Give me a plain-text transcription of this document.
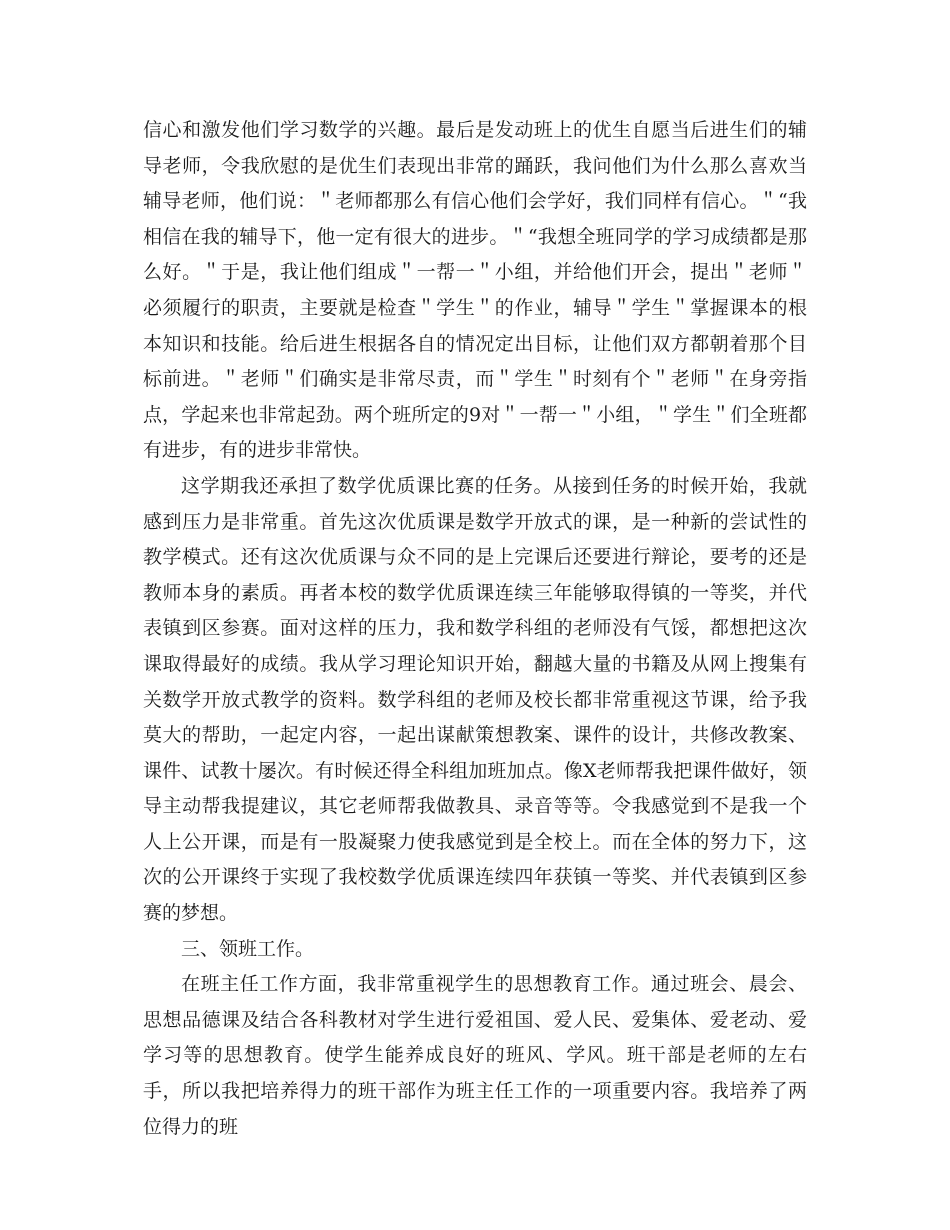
信心和激发他们学习数学的兴趣。最后是发动班上的优生自愿当后进生们的辅导老师，令我欣慰的是优生们表现出非常的踊跃，我问他们为什么那么喜欢当辅导老师，他们说：＂老师都那么有信心他们会学好，我们同样有信心。＂“我相信在我的辅导下，他一定有很大的进步。＂“我想全班同学的学习成绩都是那么好。＂于是，我让他们组成＂一帮一＂小组，并给他们开会，提出＂老师＂必须履行的职责，主要就是检查＂学生＂的作业，辅导＂学生＂掌握课本的根本知识和技能。给后进生根据各自的情况定出目标，让他们双方都朝着那个目标前进。＂老师＂们确实是非常尽责，而＂学生＂时刻有个＂老师＂在身旁指点，学起来也非常起劲。两个班所定的9对＂一帮一＂小组，＂学生＂们全班都有进步，有的进步非常快。

这学期我还承担了数学优质课比赛的任务。从接到任务的时候开始，我就感到压力是非常重。首先这次优质课是数学开放式的课，是一种新的尝试性的教学模式。还有这次优质课与众不同的是上完课后还要进行辩论，要考的还是教师本身的素质。再者本校的数学优质课连续三年能够取得镇的一等奖，并代表镇到区参赛。面对这样的压力，我和数学科组的老师没有气馁，都想把这次课取得最好的成绩。我从学习理论知识开始，翻越大量的书籍及从网上搜集有关数学开放式教学的资料。数学科组的老师及校长都非常重视这节课，给予我莫大的帮助，一起定内容，一起出谋献策想教案、课件的设计，共修改教案、课件、试教十屡次。有时候还得全科组加班加点。像X老师帮我把课件做好，领导主动帮我提建议，其它老师帮我做教具、录音等等。令我感觉到不是我一个人上公开课，而是有一股凝聚力使我感觉到是全校上。而在全体的努力下，这次的公开课终于实现了我校数学优质课连续四年获镇一等奖、并代表镇到区参赛的梦想。

三、领班工作。

在班主任工作方面，我非常重视学生的思想教育工作。通过班会、晨会、思想品德课及结合各科教材对学生进行爱祖国、爱人民、爱集体、爱老动、爱学习等的思想教育。使学生能养成良好的班风、学风。班干部是老师的左右手，所以我把培养得力的班干部作为班主任工作的一项重要内容。我培养了两位得力的班
